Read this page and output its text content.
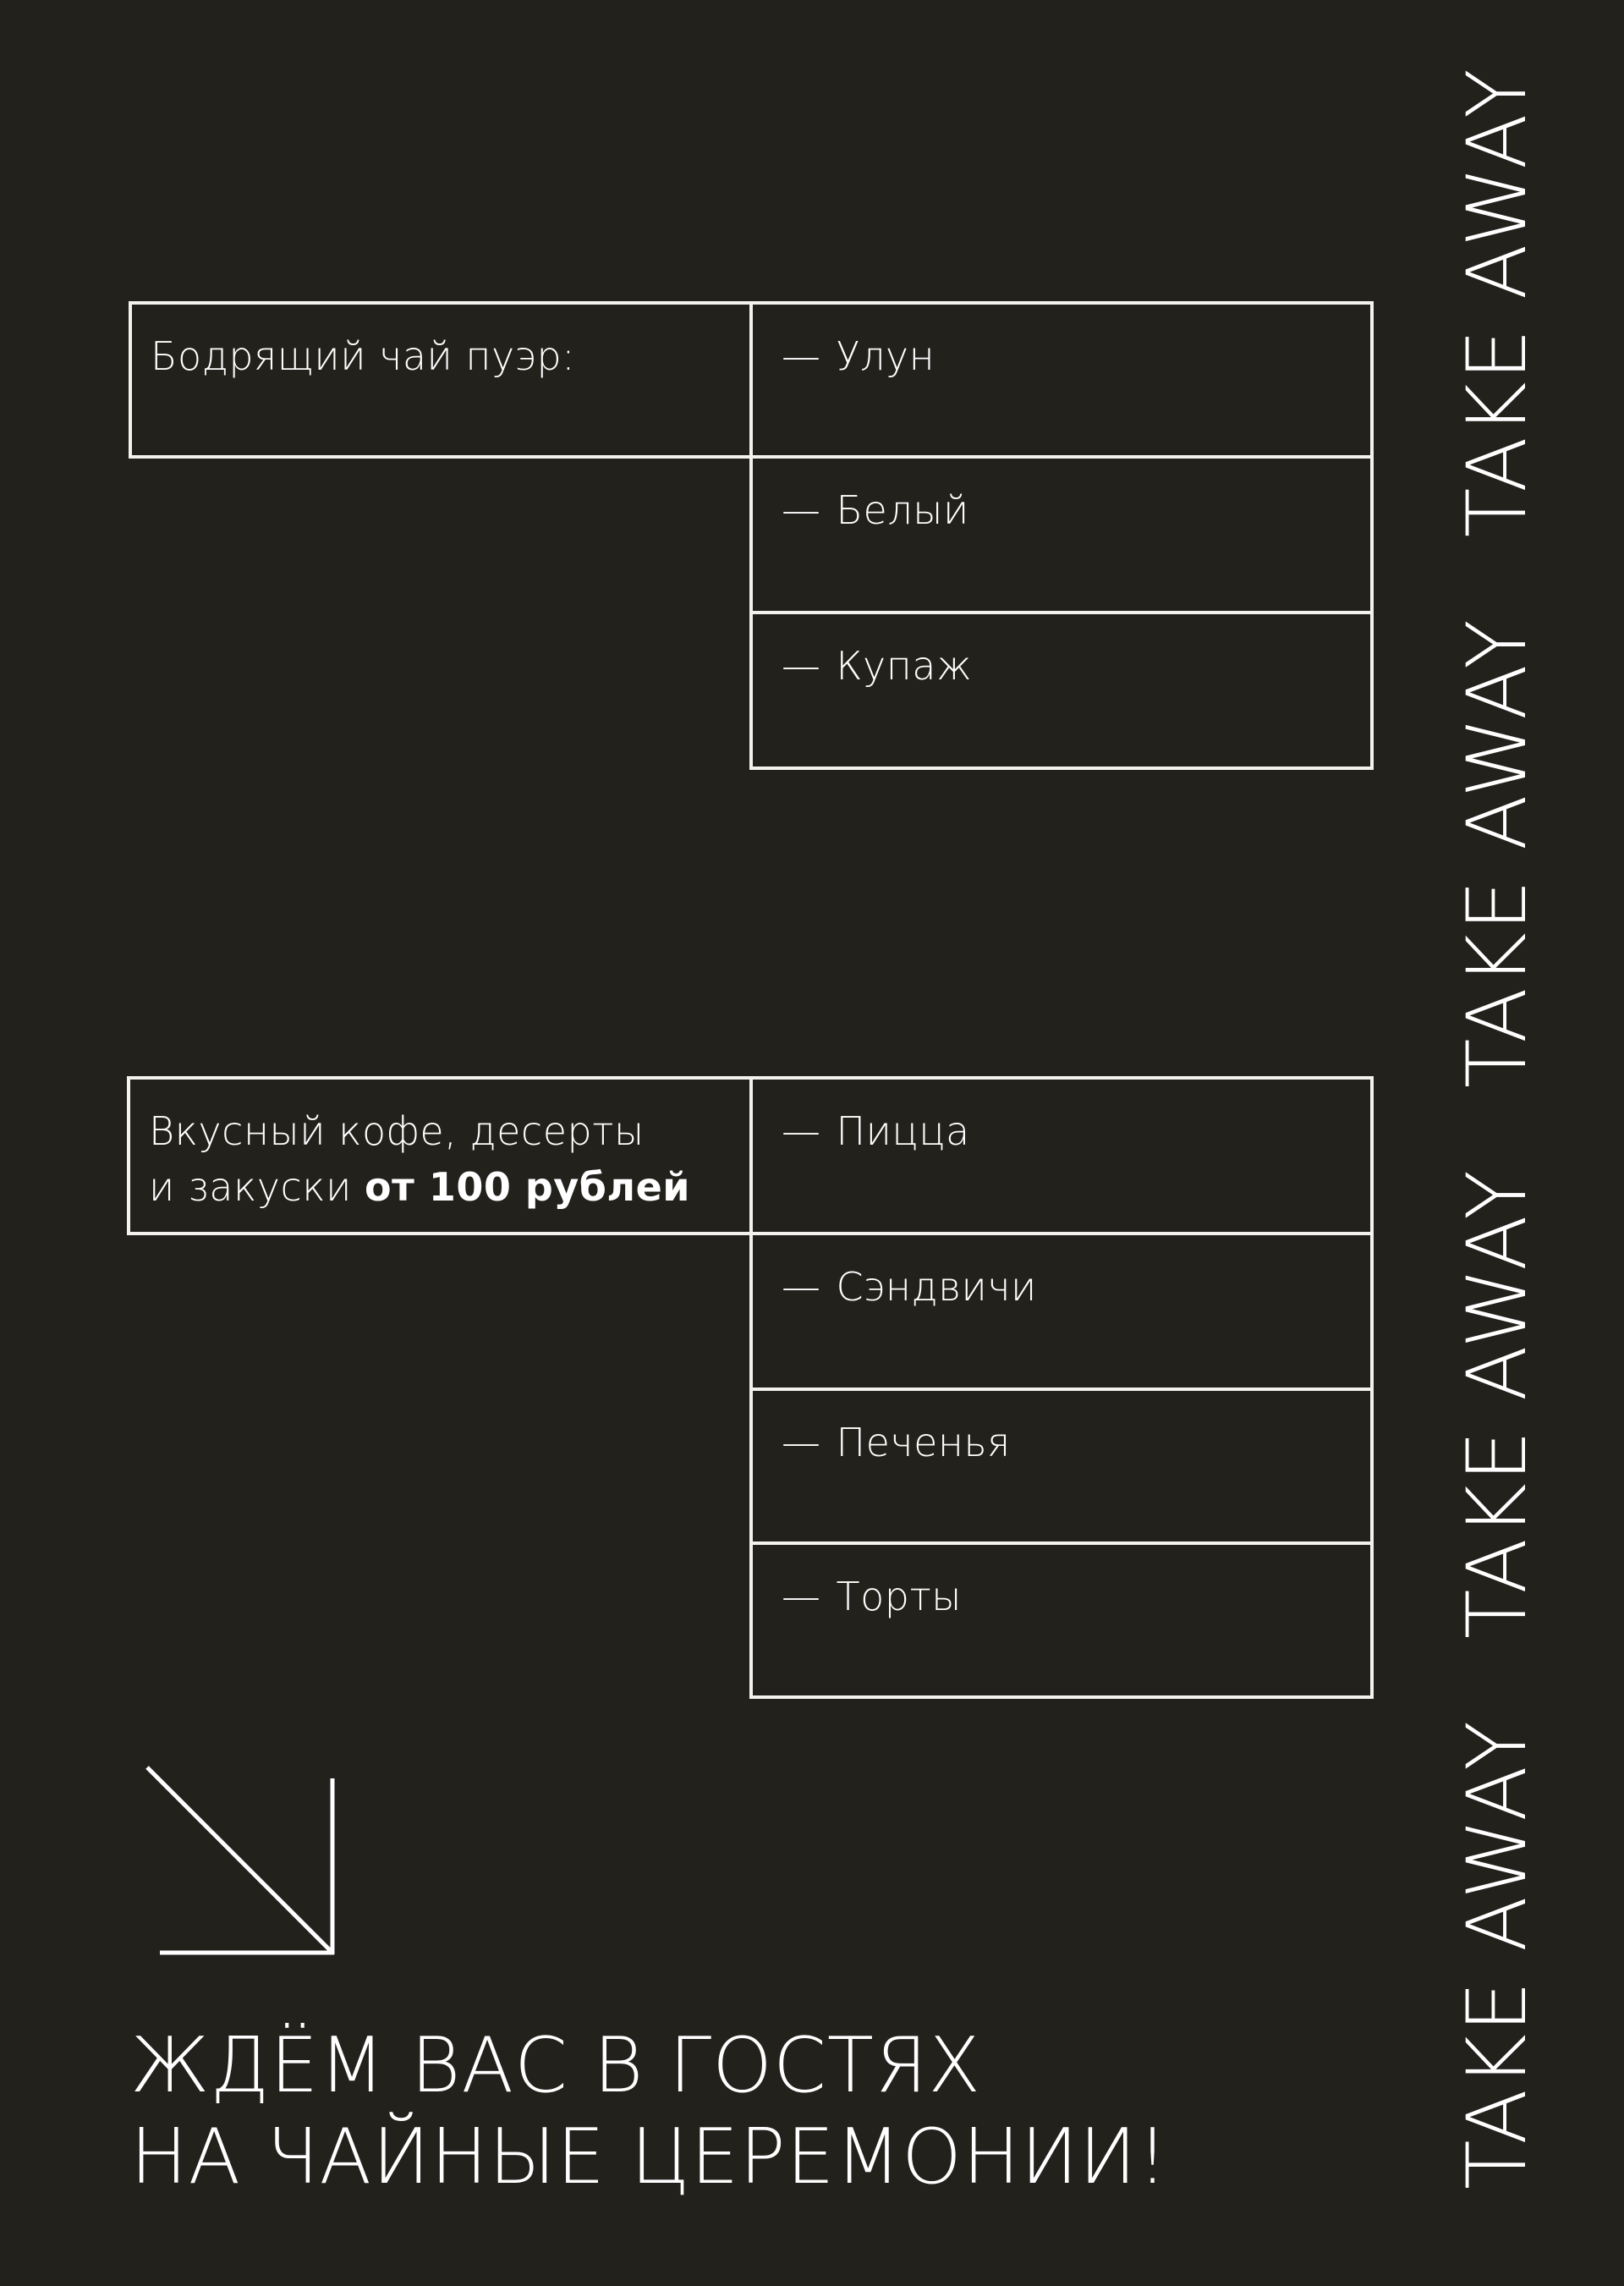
Бодрящий чай пуэр:	— Улун
— Белый
— Купаж
Вкусный кофе, десерты
и закуски от 100 рублей
— Пицца
— Сэндвичи
— Печенья
— Торты
ЖДЁМ ВАС В ГОСТЯХ
НА ЧАЙНЫЕ ЦЕРЕМОНИИ!	TAKE AWAY
TAKE AWAY
TAKE AWAY
TAKE AWAY
